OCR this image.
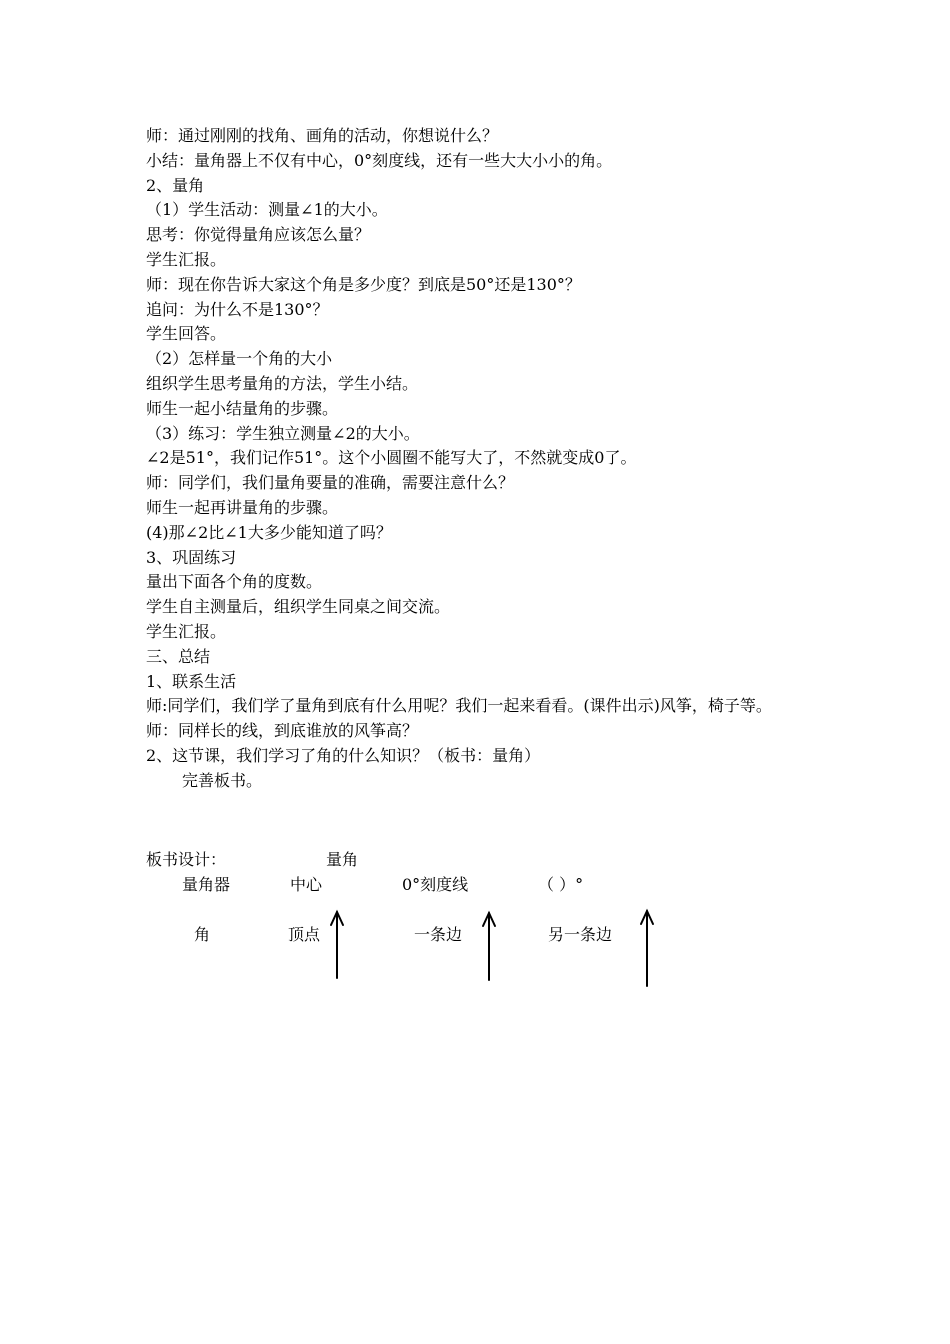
师：通过刚刚的找角、画角的活动，你想说什么？
小结：量角器上不仅有中心，0°刻度线，还有一些大大小小的角。
2、量角
（1）学生活动：测量∠1的大小。
思考：你觉得量角应该怎么量？
学生汇报。
师：现在你告诉大家这个角是多少度？到底是50°还是130°？
追问：为什么不是130°？
学生回答。
（2）怎样量一个角的大小
组织学生思考量角的方法，学生小结。
师生一起小结量角的步骤。
（3）练习：学生独立测量∠2的大小。
∠2是51°，我们记作51°。这个小圆圈不能写大了，不然就变成0了。
师：同学们，我们量角要量的准确，需要注意什么？
师生一起再讲量角的步骤。
(4)那∠2比∠1大多少能知道了吗？
3、巩固练习
量出下面各个角的度数。
学生自主测量后，组织学生同桌之间交流。
学生汇报。
三、总结
1、联系生活
师:同学们，我们学了量角到底有什么用呢？我们一起来看看。(课件出示)风筝，椅子等。
师：同样长的线，到底谁放的风筝高？
2、这节课，我们学习了角的什么知识？（板书：量角）
完善板书。
板书设计：	量角
量角器	中心	0°刻度线	（ ）°
角	顶点	一条边	另一条边
